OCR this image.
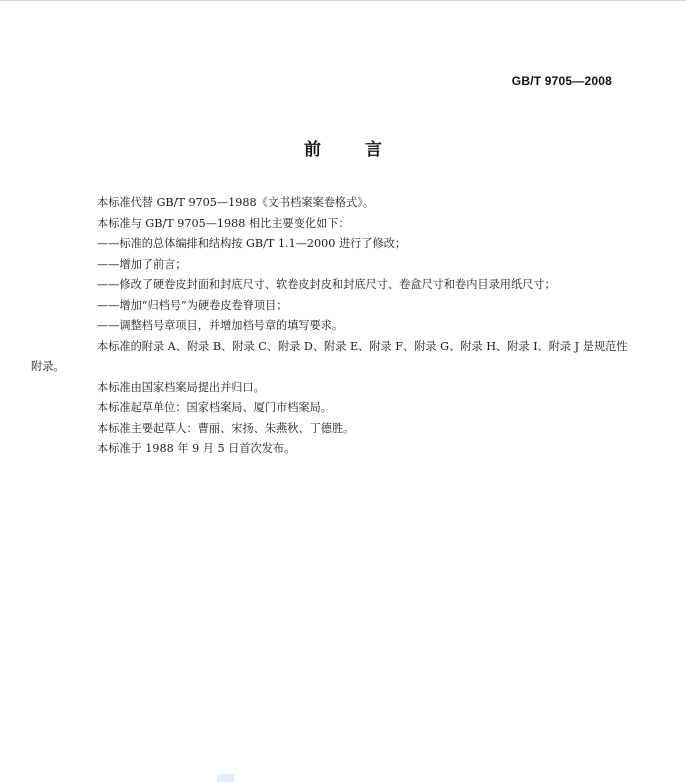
GB/T 9705—2008
前言

本标准代替 GB/T 9705—1988《文书档案案卷格式》。

本标准与 GB/T 9705—1988 相比主要变化如下：

——标准的总体编排和结构按 GB/T 1.1—2000 进行了修改；

——增加了前言；

——修改了硬卷皮封面和封底尺寸、软卷皮封皮和封底尺寸、卷盒尺寸和卷内目录用纸尺寸；

——增加“归档号”为硬卷皮卷脊项目；

——调整档号章项目，并增加档号章的填写要求。

本标准的附录 A、附录 B、附录 C、附录 D、附录 E、附录 F、附录 G、附录 H、附录 I、附录 J 是规范性

附录。

本标准由国家档案局提出并归口。

本标准起草单位：国家档案局、厦门市档案局。

本标准主要起草人：曹丽、宋扬、朱燕秋、丁德胜。

本标准于 1988 年 9 月 5 日首次发布。
